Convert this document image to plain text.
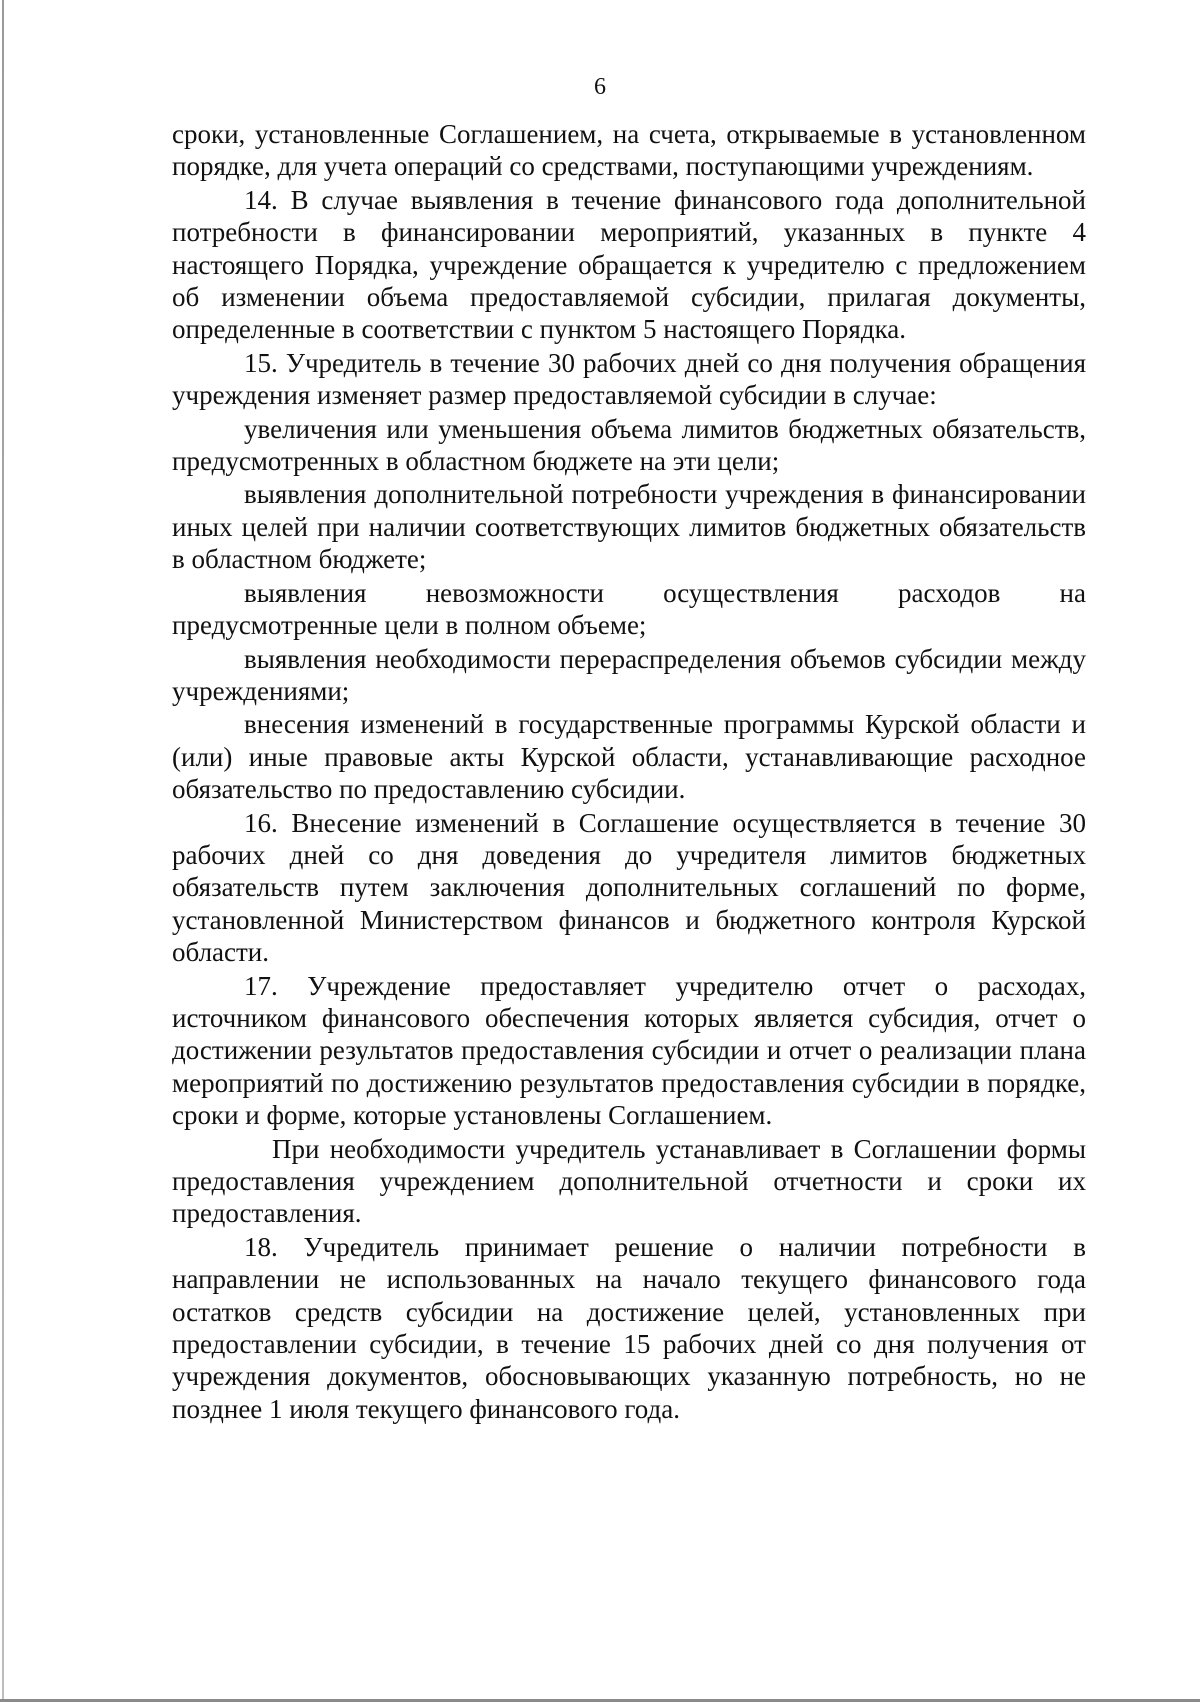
6

сроки, установленные Соглашением, на счета, открываемые в установленном порядке, для учета операций со средствами, поступающими учреждениям.

14. В случае выявления в течение финансового года дополнительной потребности в финансировании мероприятий, указанных в пункте 4 настоящего Порядка, учреждение обращается к учредителю с предложением об изменении объема предоставляемой субсидии, прилагая документы, определенные в соответствии с пунктом 5 настоящего Порядка.

15. Учредитель в течение 30 рабочих дней со дня получения обращения учреждения изменяет размер предоставляемой субсидии в случае:

увеличения или уменьшения объема лимитов бюджетных обязательств, предусмотренных в областном бюджете на эти цели;

выявления дополнительной потребности учреждения в финансировании иных целей при наличии соответствующих лимитов бюджетных обязательств в областном бюджете;

выявления невозможности осуществления расходов на предусмотренные цели в полном объеме;

выявления необходимости перераспределения объемов субсидии между учреждениями;

внесения изменений в государственные программы Курской области и (или) иные правовые акты Курской области, устанавливающие расходное обязательство по предоставлению субсидии.

16. Внесение изменений в Соглашение осуществляется в течение 30 рабочих дней со дня доведения до учредителя лимитов бюджетных обязательств путем заключения дополнительных соглашений по форме, установленной Министерством финансов и бюджетного контроля Курской области.

17. Учреждение предоставляет учредителю отчет о расходах, источником финансового обеспечения которых является субсидия, отчет о достижении результатов предоставления субсидии и отчет о реализации плана мероприятий по достижению результатов предоставления субсидии в порядке, сроки и форме, которые установлены Соглашением.

При необходимости учредитель устанавливает в Соглашении формы предоставления учреждением дополнительной отчетности и сроки их предоставления.

18. Учредитель принимает решение о наличии потребности в направлении не использованных на начало текущего финансового года остатков средств субсидии на достижение целей, установленных при предоставлении субсидии, в течение 15 рабочих дней со дня получения от учреждения документов, обосновывающих указанную потребность, но не позднее 1 июля текущего финансового года.
